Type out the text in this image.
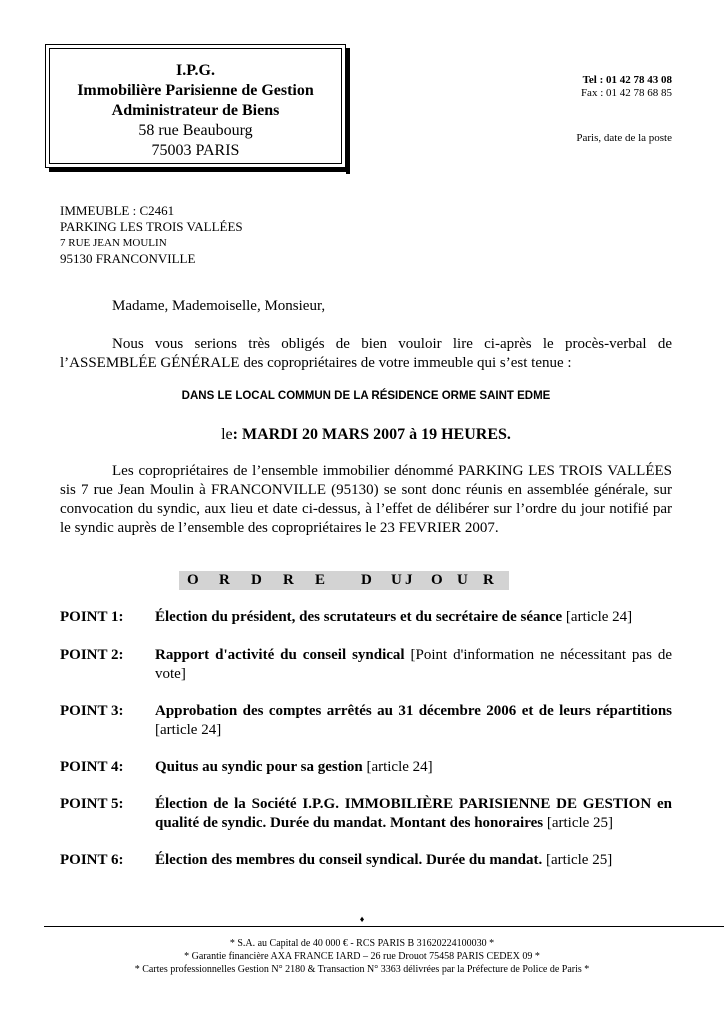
I.P.G.
Immobilière Parisienne de Gestion
Administrateur de Biens
58 rue Beaubourg
75003 PARIS
Tel : 01 42 78 43 08
Fax : 01 42 78 68 85
Paris, date de la poste
IMMEUBLE : C2461
PARKING LES TROIS VALLÉES
7 RUE JEAN MOULIN
95130 FRANCONVILLE

Madame, Mademoiselle, Monsieur,

Nous vous serions très obligés de bien vouloir lire ci-après le procès-verbal de l’ASSEMBLÉE GÉNÉRALE des copropriétaires de votre immeuble qui s’est tenue :

DANS LE LOCAL COMMUN DE LA RÉSIDENCE ORME SAINT EDME
le: MARDI 20 MARS 2007 à 19 HEURES.

Les copropriétaires de l’ensemble immobilier dénommé PARKING LES TROIS VALLÉES sis 7 rue Jean Moulin à FRANCONVILLE (95130) se sont donc réunis en assemblée générale, sur convocation du syndic, aux lieu et date ci-dessus, à l’effet de délibérer sur l’ordre du jour notifié par le syndic auprès de l’ensemble des copropriétaires le 23 FEVRIER 2007.

O R D R E D U J O U R
POINT 1: Élection du président, des scrutateurs et du secrétaire de séance [article 24]
POINT 2: Rapport d'activité du conseil syndical [Point d'information ne nécessitant pas de vote]
POINT 3: Approbation des comptes arrêtés au 31 décembre 2006 et de leurs répartitions [article 24]
POINT 4: Quitus au syndic pour sa gestion [article 24]
POINT 5: Élection de la Société I.P.G. IMMOBILIÈRE PARISIENNE DE GESTION en qualité de syndic. Durée du mandat. Montant des honoraires [article 25]
POINT 6: Élection des membres du conseil syndical. Durée du mandat. [article 25]
♦
* S.A. au Capital de 40 000 € - RCS PARIS B 31620224100030 *
* Garantie financière AXA FRANCE IARD – 26 rue Drouot 75458 PARIS CEDEX 09 *
* Cartes professionnelles Gestion N° 2180 & Transaction N° 3363 délivrées par la Préfecture de Police de Paris *
